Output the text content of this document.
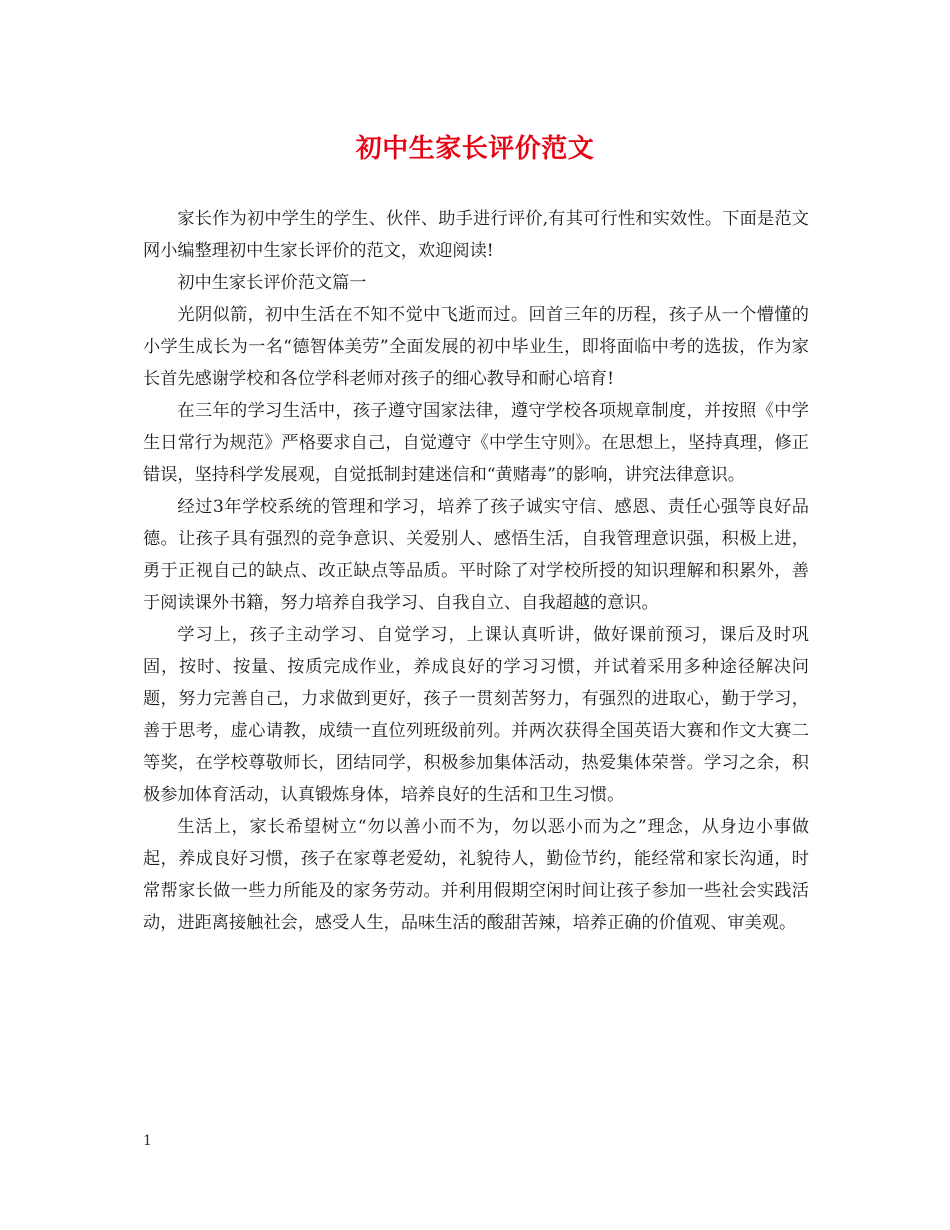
初中生家长评价范文

家长作为初中学生的学生、伙伴、助手进行评价,有其可行性和实效性。下面是范文网小编整理初中生家长评价的范文，欢迎阅读!

初中生家长评价范文篇一

光阴似箭，初中生活在不知不觉中飞逝而过。回首三年的历程，孩子从一个懵懂的小学生成长为一名“德智体美劳”全面发展的初中毕业生，即将面临中考的选拔，作为家长首先感谢学校和各位学科老师对孩子的细心教导和耐心培育!

在三年的学习生活中，孩子遵守国家法律，遵守学校各项规章制度，并按照《中学生日常行为规范》严格要求自己，自觉遵守《中学生守则》。在思想上，坚持真理，修正错误，坚持科学发展观，自觉抵制封建迷信和“黄赌毒”的影响，讲究法律意识。

经过3年学校系统的管理和学习，培养了孩子诚实守信、感恩、责任心强等良好品德。让孩子具有强烈的竞争意识、关爱别人、感悟生活，自我管理意识强，积极上进，勇于正视自己的缺点、改正缺点等品质。平时除了对学校所授的知识理解和积累外，善于阅读课外书籍，努力培养自我学习、自我自立、自我超越的意识。

学习上，孩子主动学习、自觉学习，上课认真听讲，做好课前预习，课后及时巩固，按时、按量、按质完成作业，养成良好的学习习惯，并试着采用多种途径解决问题，努力完善自己，力求做到更好，孩子一贯刻苦努力，有强烈的进取心，勤于学习，善于思考，虚心请教，成绩一直位列班级前列。并两次获得全国英语大赛和作文大赛二等奖，在学校尊敬师长，团结同学，积极参加集体活动，热爱集体荣誉。学习之余，积极参加体育活动，认真锻炼身体，培养良好的生活和卫生习惯。

生活上，家长希望树立“勿以善小而不为，勿以恶小而为之”理念，从身边小事做起，养成良好习惯，孩子在家尊老爱幼，礼貌待人，勤俭节约，能经常和家长沟通，时常帮家长做一些力所能及的家务劳动。并利用假期空闲时间让孩子参加一些社会实践活动，进距离接触社会，感受人生，品味生活的酸甜苦辣，培养正确的价值观、审美观。

1
